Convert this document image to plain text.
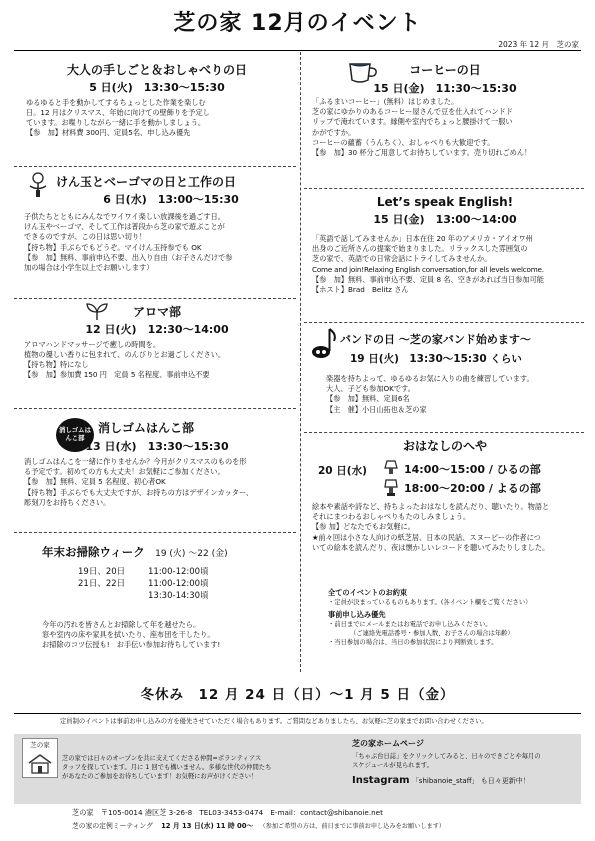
芝の家 12月のイベント
2023 年 12 月　芝の家
大人の手しごと＆おしゃべりの日
5 日(火)　13:30～15:30

ゆるゆると手を動かしてするちょっとした作業を楽しむ

日。12 月はクリスマス、年始に向けての壁飾りを予定し

ています。お喋りしながら一緒に手を動かしましょう。

【参　加】材料費 300円、定員5名、申し込み優先

けん玉とベーゴマの日と工作の日
6 日(水)　13:00～15:30

子供たちとともにみんなでワイワイ楽しい放課後を過ごす日。

けん玉やベーゴマ、そして工作は普段から芝の家で遊ぶことが

できるのですが、この日は思い切り！

【持ち物】手ぶらでもどうぞ。マイけん玉持参でも OK

【参　加】無料、事前申込不要、出入り自由（お子さんだけで参

加の場合は小学生以上でお願いします）

アロマ部
12 日(火)　12:30～14:00

アロマハンドマッサージで癒しの時間を。

植物の優しい香りに包まれて、のんびりとお過ごしください。

【持ち物】特になし

【参　加】参加費 150 円　定員 5 名程度、事前申込不要

消しゴムはんこ部
消しゴムはんこ部
13 日(水)　13:30～15:30

消しゴムはんこを一緒に作りませんか？今月がクリスマスのものを形

る予定です。初めての方も大丈夫！お気軽にご参加ください。

【参　加】無料、定員 5 名程度、初心者OK

【持ち物】手ぶらでも大丈夫ですが、お持ちの方はデザインカッター、

彫刻刀をお持ちください。

年末お掃除ウィーク 19 (火) ～22 (金)
19日、20日	11:00-12:00頃
21日、22日	11:00-12:00頃
	13:30-14:30頃

今年の汚れを皆さんとお掃除して年を越せたら。

窓や室内の床や家具を拭いたり、座布団を干したり。

お掃除のコツ伝授も!　お手伝い参加お待ちしています!

コーヒーの日
15 日(金)　11:30～15:30

「ふるまいコーヒー」(無料）はじめました。

芝の家にゆかりのあるコーヒー屋さんで豆を仕入れてハンドド

リップで淹れています。縁側や室内でちょっと腰掛けて一服い

かがですか。

コーヒーの蘊蓄（うんちく）、おしゃべりも大歓迎です。

【参　加】30 杯分ご用意してお待ちしています。売り切れごめん！

Let’s speak English!
15 日(金)　13:00～14:00

「英語で話してみませんか」日本在住 20 年のアメリカ・アイオワ州

出身のご近所さんの提案で始まりました。リラックスした雰囲気の

芝の家で、英語での日常会話にトライしてみませんか。

Come and join!Relaxing English conversation,for all levels welcome.

【参　加】無料、事前申込不要、定員 8 名、空きがあれば当日参加可能

【ホスト】Brad　Belitz さん

バンドの日 ～芝の家バンド始めます～
19 日(火)　13:30～15:30 くらい

楽器を持ちよって、ゆるゆるお気に入りの曲を練習しています。

大人、子ども参加OKです。

【参　加】無料、定員6名

【主　催】小日山拓也＆芝の家

おはなしのへや
20 日(水)	14:00～15:00 / ひるの部
18:00～20:00 / よるの部

絵本や素話や詩など、持ちよったおはなしを読んだり、聴いたり。物語と

それにまつわるおしゃべりもたのしみましょう。

【参 加】どなたでもお気軽に。

★前々回は小さな人向けの紙芝居、日本の民話、スヌーピーの作者につ

いての絵本を読んだり、夜は懐かしいレコードを聴いてみたりしました。

全てのイベントのお約束

・定員が決まっているものもあります。(各イベント欄をご覧ください）

事前申し込み優先

・前日までにメールまたはお電話でお申し込みください。

（ご連絡先電話番号・参加人数、お子さんの場合は年齢）

・当日参加の場合は、当日の参加状況により判断致します。

冬休み　12 月 24 日（日）～1 月 5 日（金）
定員制のイベントは事前お申し込みの方を優先させていただく場合もあります。ご質問などありましたら、お気軽に芝の家までお問い合わせください。
芝の家

芝の家では日々のオープンを共に支えてくださる仲間=ボランティアス

タッフを探しています。月に 1 回でも構いません。多様な世代の仲間たち

があなたのご参加をお待ちしています！お気軽にお声がけください！

芝の家ホームページ

「ちゃぶ台日誌」をクリックしてみると、日々のできごとや毎月の

スケジュールが見られます。

Instagram 「shibanoie_staff」 も日々更新中！

芝の家　〒105-0014 港区芝 3-26-8　TEL03-3453-0474　E-mail：contact@shibanoie.net
芝の家の定例ミーティング 12 月 13 日(水) 11 時 00～ （参加ご希望の方は、前日までに事前お申し込みをお願いします）
